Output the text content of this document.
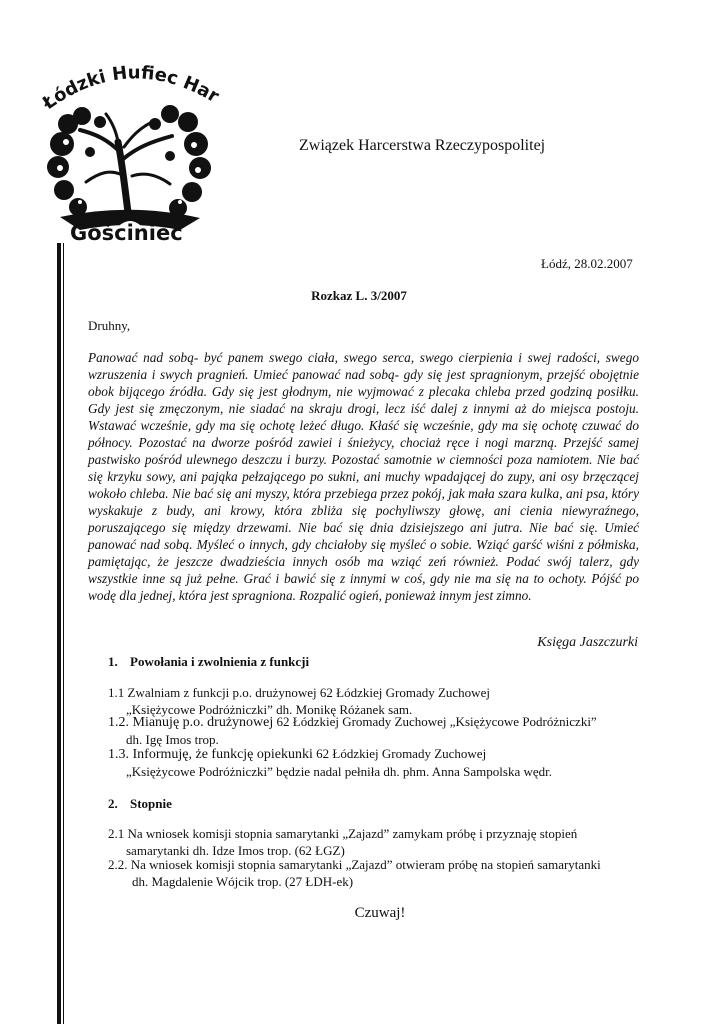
Łódzki Hufiec Har
Gościniec
Związek Harcerstwa Rzeczypospolitej
Łódź, 28.02.2007
Rozkaz L. 3/2007
Druhny,

Panować nad sobą- być panem swego ciała, swego serca, swego cierpienia i swej radości, swego wzruszenia i swych pragnień. Umieć panować nad sobą- gdy się jest spragnionym, przejść obojętnie obok bijącego źródła. Gdy się jest głodnym, nie wyjmować z plecaka chleba przed godziną posiłku. Gdy jest się zmęczonym, nie siadać na skraju drogi, lecz iść dalej z innymi aż do miejsca postoju. Wstawać wcześnie, gdy ma się ochotę leżeć długo. Kłaść się wcześnie, gdy ma się ochotę czuwać do północy. Pozostać na dworze pośród zawiei i śnieżycy, chociaż ręce i nogi marzną. Przejść samej pastwisko pośród ulewnego deszczu i burzy. Pozostać samotnie w ciemności poza namiotem. Nie bać się krzyku sowy, ani pająka pełzającego po sukni, ani muchy wpadającej do zupy, ani osy brzęczącej wokoło chleba. Nie bać się ani myszy, która przebiega przez pokój, jak mała szara kulka, ani psa, który wyskakuje z budy, ani krowy, która zbliża się pochyliwszy głowę, ani cienia niewyraźnego, poruszającego się między drzewami. Nie bać się dnia dzisiejszego ani jutra. Nie bać się. Umieć panować nad sobą. Myśleć o innych, gdy chciałoby się myśleć o sobie. Wziąć garść wiśni z półmiska, pamiętając, że jeszcze dwadzieścia innych osób ma wziąć zeń również. Podać swój talerz, gdy wszystkie inne są już pełne. Grać i bawić się z innymi w coś, gdy nie ma się na to ochoty. Pójść po wodę dla jednej, która jest spragniona. Rozpalić ogień, ponieważ innym jest zimno.

Księga Jaszczurki
1. Powołania i zwolnienia z funkcji
1.1 Zwalniam z funkcji p.o. drużynowej 62 Łódzkiej Gromady Zuchowej
„Księżycowe Podróżniczki” dh. Monikę Różanek sam.
1.2. Mianuję p.o. drużynowej 62 Łódzkiej Gromady Zuchowej „Księżycowe Podróżniczki”
dh. Igę Imos trop.
1.3. Informuję, że funkcję opiekunki 62 Łódzkiej Gromady Zuchowej
„Księżycowe Podróżniczki” będzie nadal pełniła dh. phm. Anna Sampolska wędr.
2. Stopnie
2.1 Na wniosek komisji stopnia samarytanki „Zajazd” zamykam próbę i przyznaję stopień
samarytanki dh. Idze Imos trop. (62 ŁGZ)
2.2. Na wniosek komisji stopnia samarytanki „Zajazd” otwieram próbę na stopień samarytanki
dh. Magdalenie Wójcik trop. (27 ŁDH-ek)
Czuwaj!
